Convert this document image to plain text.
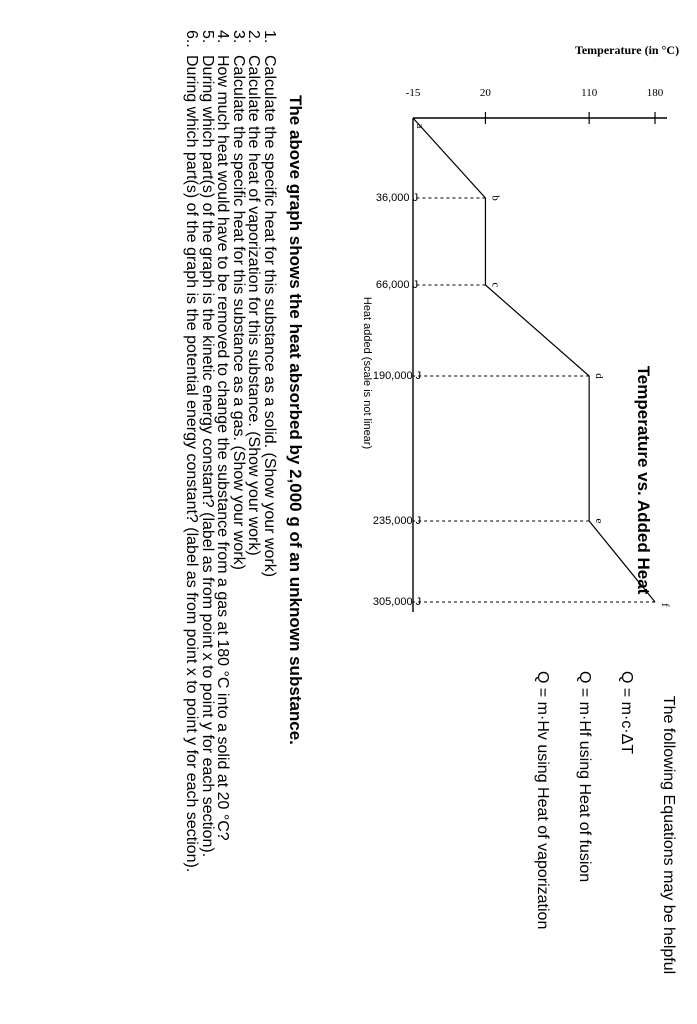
Temperature (in °C)
-15	20	110	180
a
b
c
d
e
f
36,000 J
66,000 J
190,000 J
235,000 J
305,000 J
Heat added (scale is not linear)	Temperature vs. Added Heat
The following Equations may be helpful
Q = m·c·ΔT
Q = m·Hf using Heat of fusion
Q = m·Hv using Heat of vaporization
The above graph shows the heat absorbed by 2,000 g of an unknown substance.
1.
Calculate the specific heat for this substance as a solid. (Show your work)
2.
Calculate the heat of vaporization for this substance. (Show your work)
3.
Calculate the specific heat for this substance as a gas. (Show your work)
4.
How much heat would have to be removed to change the substance from a gas at 180 °C into a solid at 20 °C?
5.
During which part(s) of the graph is the kinetic energy constant? (label as from point x to point y for each section).
6..
During which part(s) of the graph is the potential energy constant? (label as from point x to point y for each section).
